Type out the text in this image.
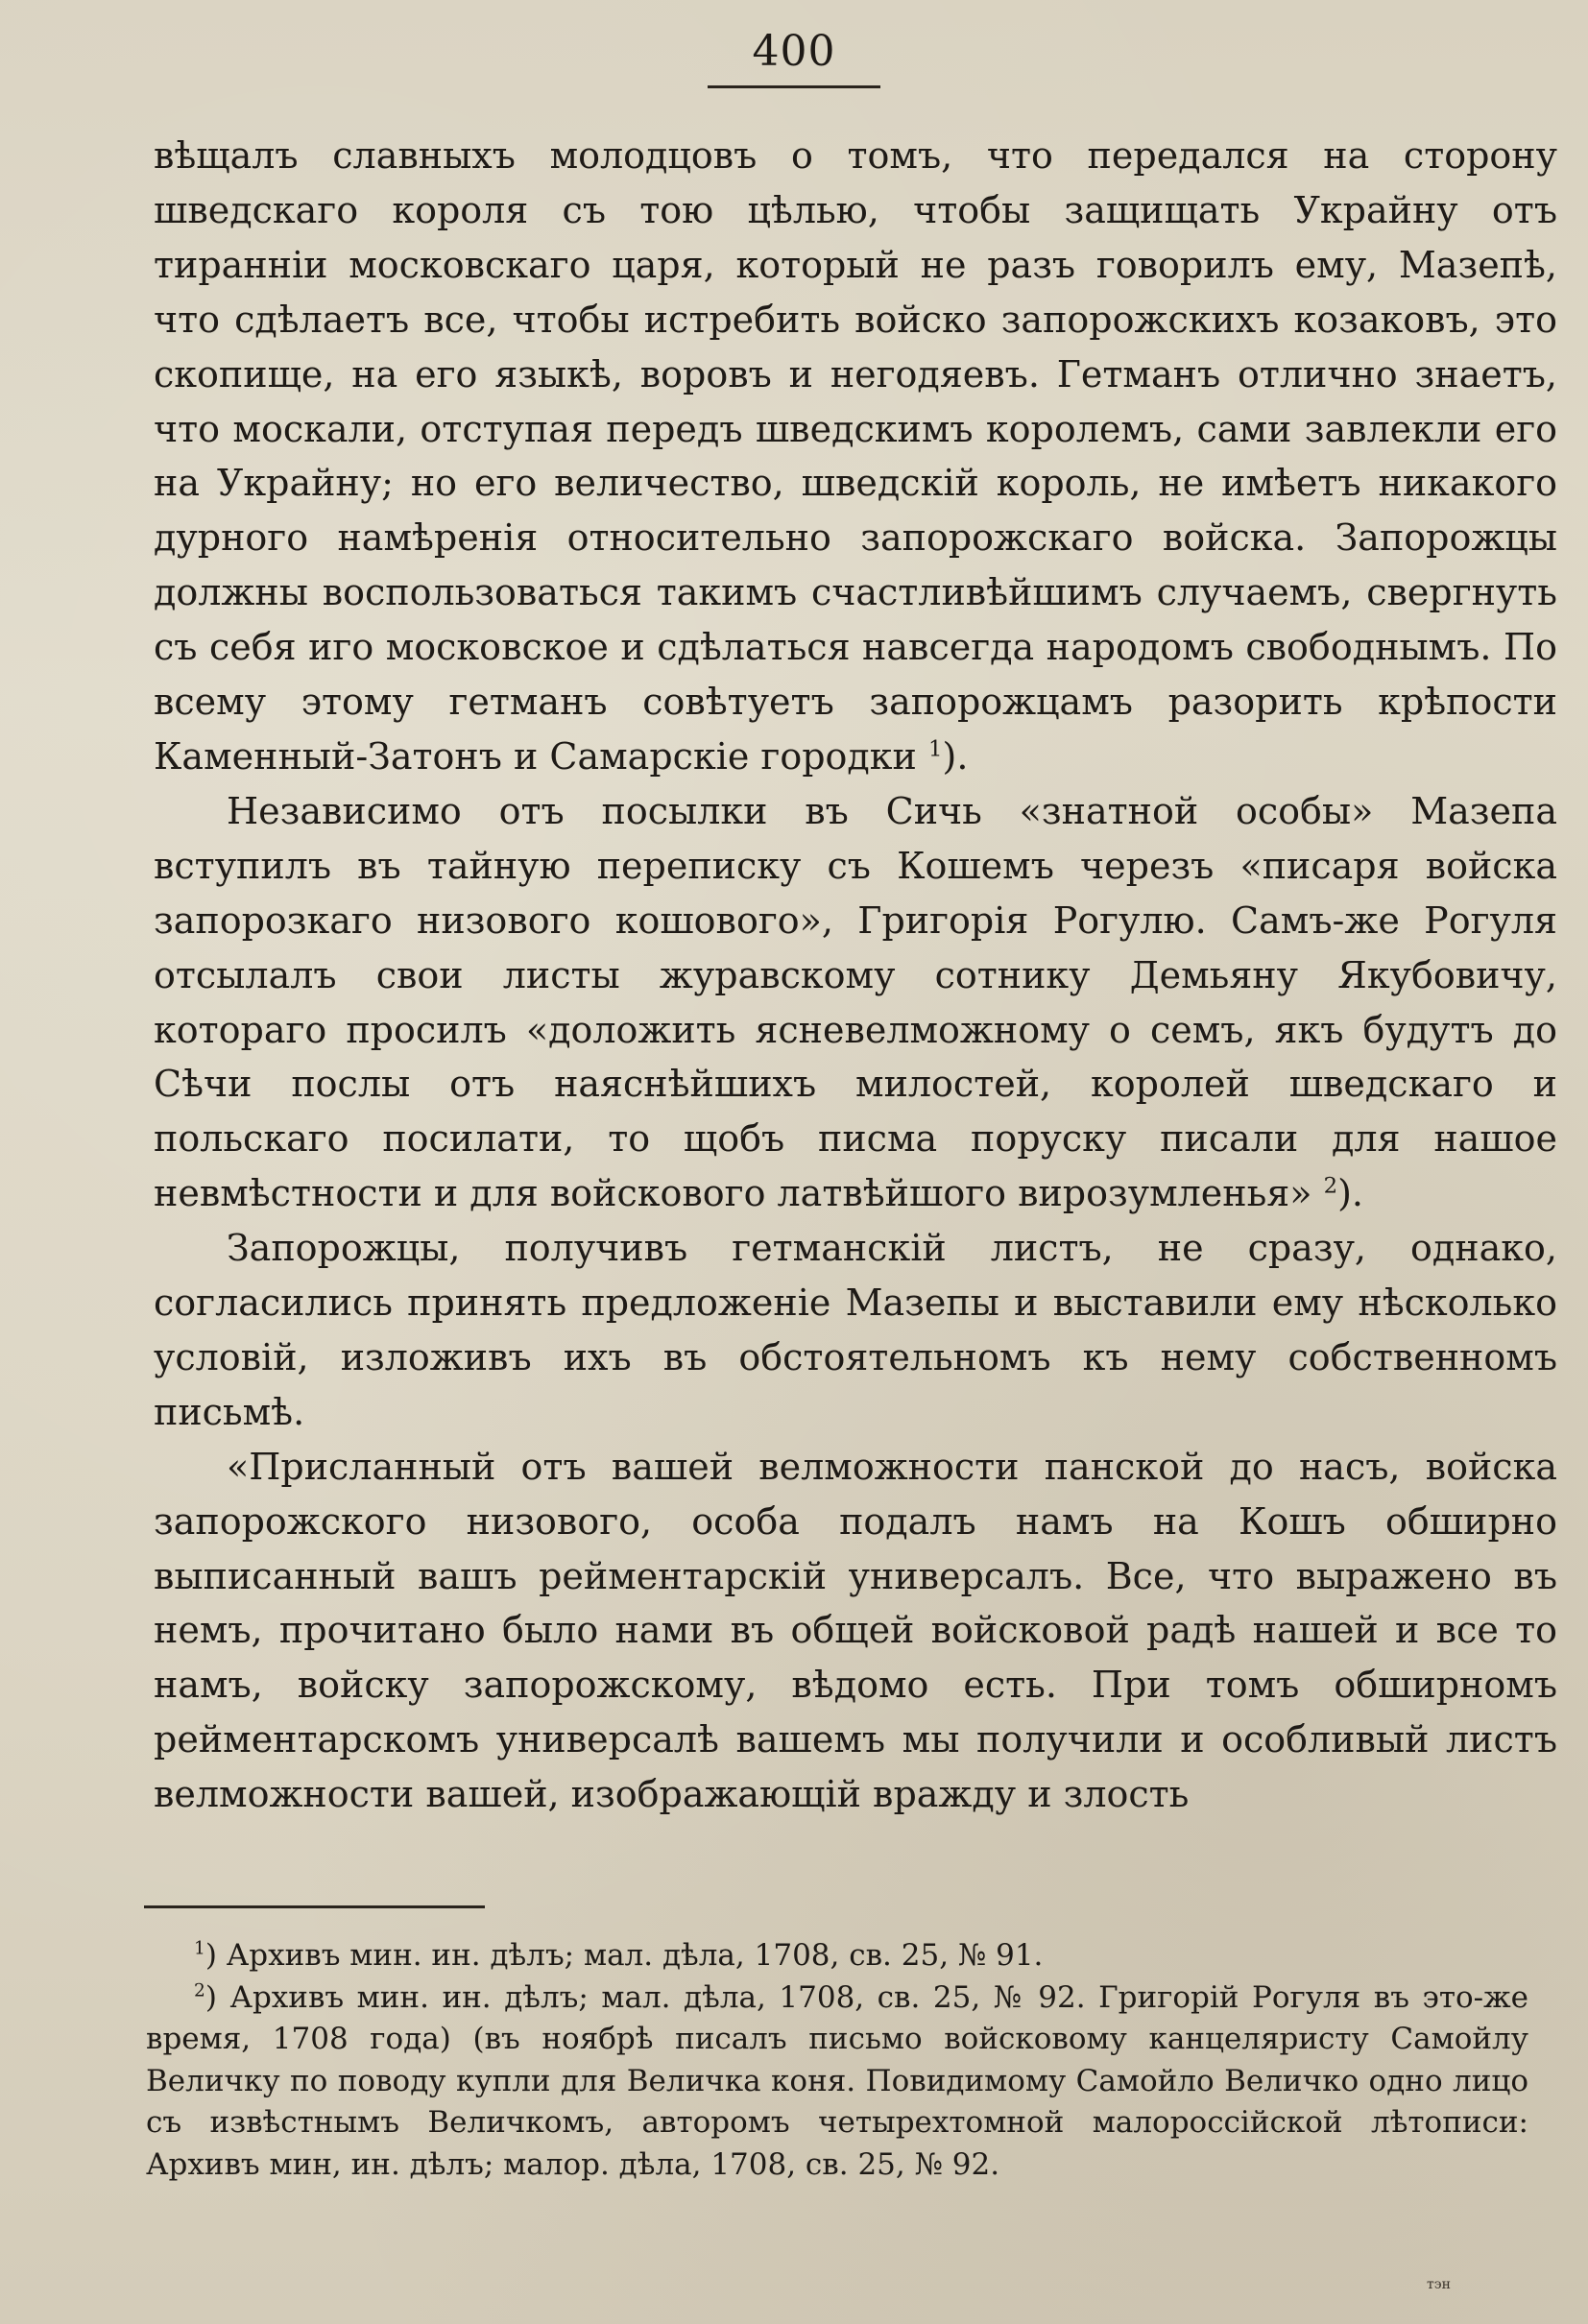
400

вѣщалъ славныхъ молодцовъ о томъ, что передался на сторону шведскаго короля съ тою цѣлью, чтобы защищать Украйну отъ тиранніи московскаго царя, который не разъ говорилъ ему, Мазепѣ, что сдѣлаетъ все, чтобы истребить войско запорожскихъ козаковъ, это скопище, на его языкѣ, воровъ и негодяевъ. Гетманъ отлично знаетъ, что москали, отступая передъ шведскимъ королемъ, сами завлекли его на Украйну; но его величество, шведскій король, не имѣетъ никакого дурного намѣренія относительно запорожскаго войска. Запорожцы должны воспользоваться такимъ счастливѣйшимъ случаемъ, свергнуть съ себя иго московское и сдѣлаться навсегда народомъ свободнымъ. По всему этому гетманъ совѣтуетъ запорожцамъ разорить крѣпости Каменный-Затонъ и Самарскіе городки $^1$).

Независимо отъ посылки въ Сичь «знатной особы» Мазепа вступилъ въ тайную переписку съ Кошемъ черезъ «писаря войска запорозкаго низового кошового», Григорія Рогулю. Самъ-же Рогуля отсылалъ свои листы журавскому сотнику Демьяну Якубовичу, котораго просилъ «доложить ясневелможному о семъ, якъ будутъ до Сѣчи послы отъ наяснѣйшихъ милостей, королей шведскаго и польскаго посилати, то щобъ писма поруску писали для нашое невмѣстности и для войскового латвѣйшого вирозумленья» $^2$).

Запорожцы, получивъ гетманскій листъ, не сразу, однако, согласились принять предложеніе Мазепы и выставили ему нѣсколько условій, изложивъ ихъ въ обстоятельномъ къ нему собственномъ письмѣ.

«Присланный отъ вашей велможности панской до насъ, войска запорожского низового, особа подалъ намъ на Кошъ обширно выписанный вашъ рейментарскій универсалъ. Все, что выражено въ немъ, прочитано было нами въ общей войсковой радѣ нашей и все то намъ, войску запорожскому, вѣдомо есть. При томъ обширномъ рейментарскомъ универсалѣ вашемъ мы получили и особливый листъ велможности вашей, изображающій вражду и злость

$^1$) Архивъ мин. ин. дѣлъ; мал. дѣла, 1708, св. 25, № 91.

$^2$) Архивъ мин. ин. дѣлъ; мал. дѣла, 1708, св. 25, № 92. Григорій Рогуля въ это-же время, 1708 года) (въ ноябрѣ писалъ письмо войсковому канцеляристу Самойлу Величку по поводу купли для Величка коня. Повидимому Самойло Величко одно лицо съ извѣстнымъ Величкомъ, авторомъ четырехтомной малороссійской лѣтописи: Архивъ мин, ин. дѣлъ; малор. дѣла, 1708, св. 25, № 92.

тэн
